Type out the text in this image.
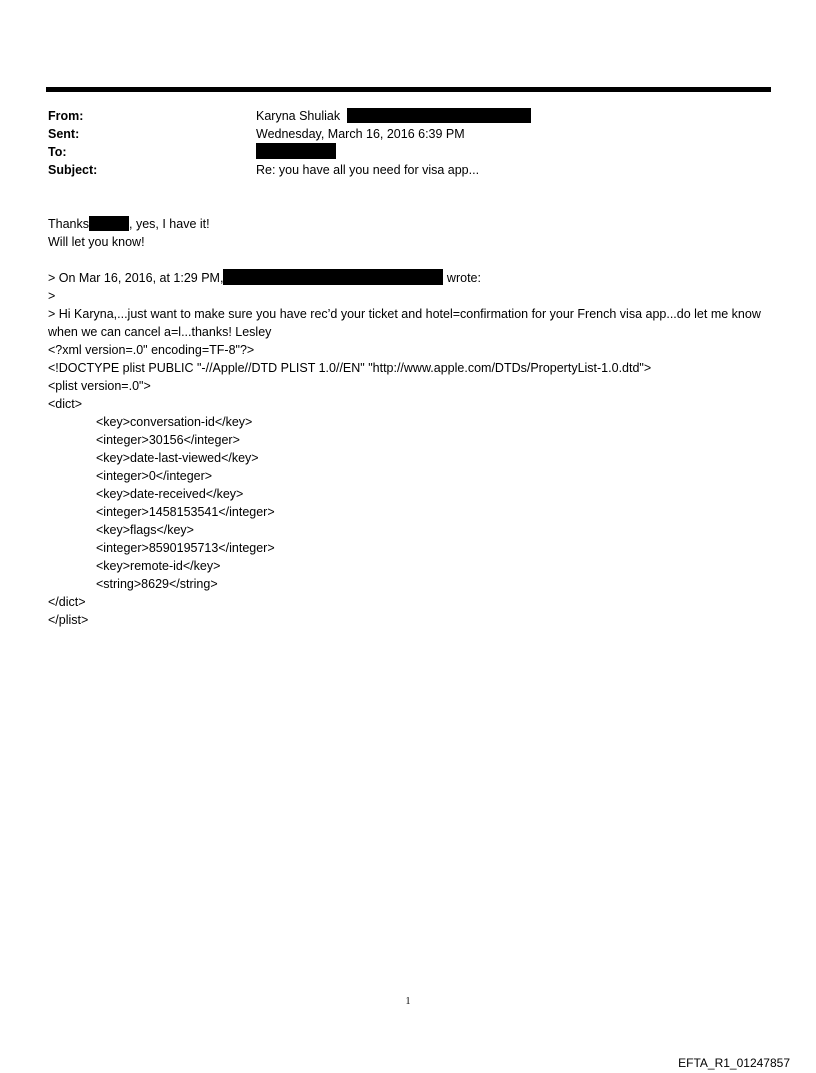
From:	Karyna Shuliak
Sent:	Wednesday, March 16, 2016 6:39 PM
To:
Subject:	Re: you have all you need for visa app...
Thanks	, yes, I have it!
Will let you know!
> On Mar 16, 2016, at 1:29 PM,	wrote:
>
> Hi Karyna,...just want to make sure you have rec’d your ticket and hotel=confirmation for your French visa app...do let me know when we can cancel a=l...thanks! Lesley
<?xml version=.0" encoding=TF-8"?>
<!DOCTYPE plist PUBLIC "-//Apple//DTD PLIST 1.0//EN" "http://www.apple.com/DTDs/PropertyList-1.0.dtd">
<plist version=.0">
<dict>
<key>conversation-id</key>
<integer>30156</integer>
<key>date-last-viewed</key>
<integer>0</integer>
<key>date-received</key>
<integer>1458153541</integer>
<key>flags</key>
<integer>8590195713</integer>
<key>remote-id</key>
<string>8629</string>
</dict>
</plist>
1
EFTA_R1_01247857
